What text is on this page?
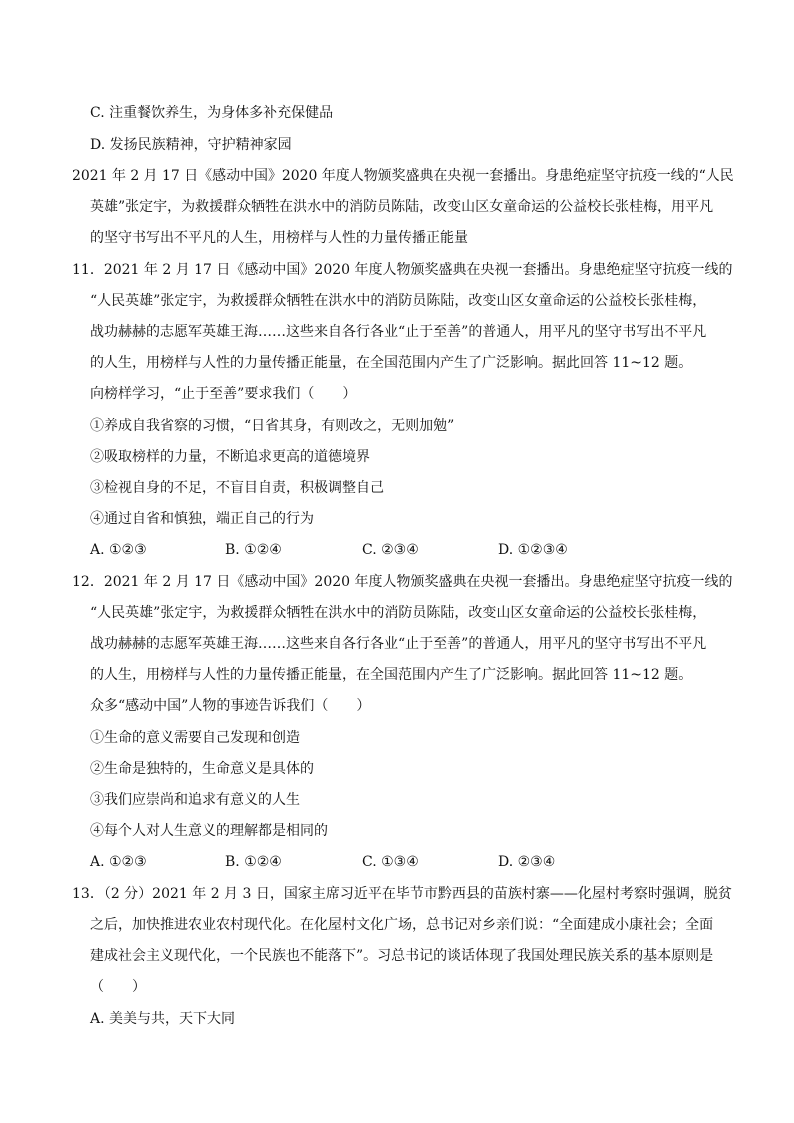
C. 注重餐饮养生，为身体多补充保健品
D. 发扬民族精神，守护精神家园
2021 年 2 月 17 日《感动中国》2020 年度人物颁奖盛典在央视一套播出。身患绝症坚守抗疫一线的“人民
英雄”张定宇，为救援群众牺牲在洪水中的消防员陈陆，改变山区女童命运的公益校长张桂梅，用平凡
的坚守书写出不平凡的人生，用榜样与人性的力量传播正能量
11．2021 年 2 月 17 日《感动中国》2020 年度人物颁奖盛典在央视一套播出。身患绝症坚守抗疫一线的
“人民英雄”张定宇，为救援群众牺牲在洪水中的消防员陈陆，改变山区女童命运的公益校长张桂梅，
战功赫赫的志愿军英雄王海……这些来自各行各业“止于至善”的普通人，用平凡的坚守书写出不平凡
的人生，用榜样与人性的力量传播正能量，在全国范围内产生了广泛影响。据此回答 11~12 题。
向榜样学习，“止于至善”要求我们（　　）
①养成自我省察的习惯，“日省其身，有则改之，无则加勉”
②吸取榜样的力量，不断追求更高的道德境界
③检视自身的不足，不盲目自责，积极调整自己
④通过自省和慎独，端正自己的行为
A. ①②③	B. ①②④	C. ②③④	D. ①②③④
12．2021 年 2 月 17 日《感动中国》2020 年度人物颁奖盛典在央视一套播出。身患绝症坚守抗疫一线的
“人民英雄”张定宇，为救援群众牺牲在洪水中的消防员陈陆，改变山区女童命运的公益校长张桂梅，
战功赫赫的志愿军英雄王海……这些来自各行各业“止于至善”的普通人，用平凡的坚守书写出不平凡
的人生，用榜样与人性的力量传播正能量，在全国范围内产生了广泛影响。据此回答 11~12 题。
众多“感动中国”人物的事迹告诉我们（　　）
①生命的意义需要自己发现和创造
②生命是独特的，生命意义是具体的
③我们应崇尚和追求有意义的人生
④每个人对人生意义的理解都是相同的
A. ①②③	B. ①②④	C. ①③④	D. ②③④
13．（2 分）2021 年 2 月 3 日，国家主席习近平在毕节市黔西县的苗族村寨——化屋村考察时强调，脱贫
之后，加快推进农业农村现代化。在化屋村文化广场，总书记对乡亲们说：“全面建成小康社会；全面
建成社会主义现代化，一个民族也不能落下”。习总书记的谈话体现了我国处理民族关系的基本原则是
（　　）
A. 美美与共，天下大同
